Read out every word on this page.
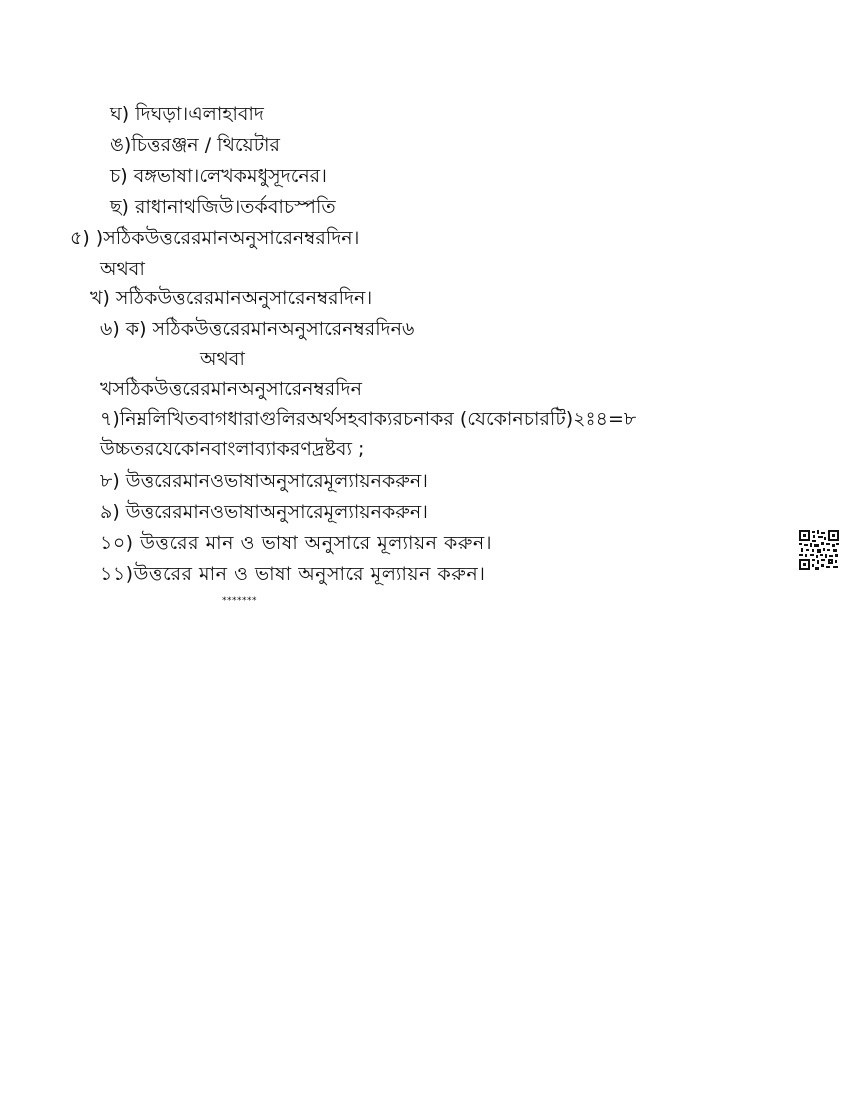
ঘ) দিঘড়া।এলাহাবাদ
ঙ)চিত্তরঞ্জন / থিয়েটার
চ) বঙ্গভাষা।লেখকমধুসূদনের।
ছ) রাধানাথজিউ।তর্কবাচস্পতি
৫) )সঠিকউত্তরেরমানঅনুসারেনম্বরদিন।
অথবা
খ) সঠিকউত্তরেরমানঅনুসারেনম্বরদিন।
৬) ক) সঠিকউত্তরেরমানঅনুসারেনম্বরদিন৬
অথবা
খসঠিকউত্তরেরমানঅনুসারেনম্বরদিন
৭)নিম্নলিখিতবাগধারাগুলিরঅর্থসহবাক্যরচনাকর (যেকোনচারটি)২ঃ৪=৮
উচ্চতরযেকোনবাংলাব্যাকরণদ্রষ্টব্য ;
৮) উত্তরেরমানওভাষাঅনুসারেমূল্যায়নকরুন।
৯) উত্তরেরমানওভাষাঅনুসারেমূল্যায়নকরুন।
১০) উত্তরের মান ও ভাষা অনুসারে মূল্যায়ন করুন।
১১)উত্তরের মান ও ভাষা অনুসারে মূল্যায়ন করুন।
*******
